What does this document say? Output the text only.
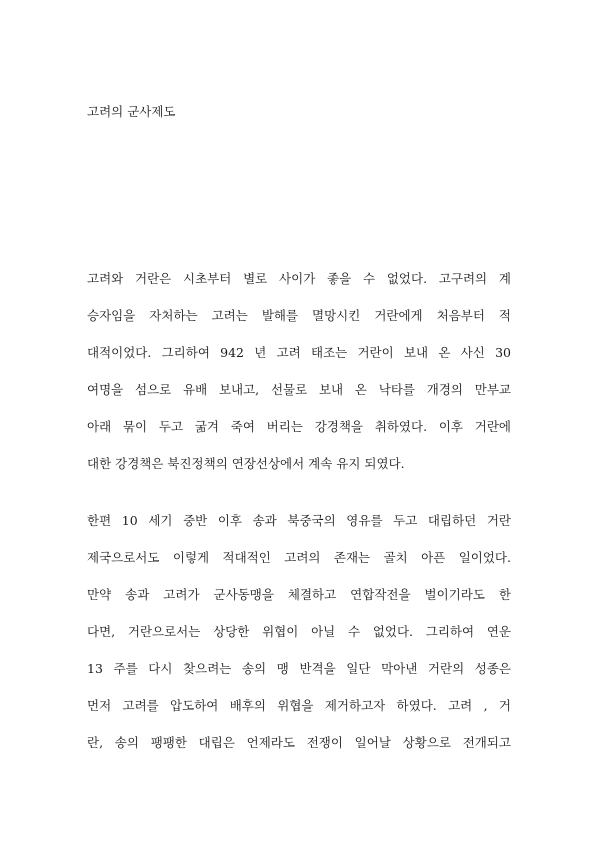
고려의 군사제도
고려와 거란은 시초부터 별로 사이가 좋을 수 없었다. 고구려의 계
승자임을 자처하는 고려는 발해를 멸망시킨 거란에게 처음부터 적
대적이었다. 그리하여 942 년 고려 태조는 거란이 보내 온 사신 30
여명을 섬으로 유배 보내고, 선물로 보내 온 낙타를 개경의 만부교
아래 묶이 두고 굶겨 죽여 버리는 강경책을 취하였다. 이후 거란에
대한 강경책은 북진정책의 연장선상에서 계속 유지 되였다.
한편 10 세기 중반 이후 송과 북중국의 영유를 두고 대립하던 거란
제국으로서도 이렇게 적대적인 고려의 존재는 골치 아픈 일이었다.
만약 송과 고려가 군사동맹을 체결하고 연합작전을 벌이기라도 한
다면, 거란으로서는 상당한 위협이 아닐 수 없었다. 그리하여 연운
13 주를 다시 찾으려는 송의 맹 반격을 일단 막아낸 거란의 성종은
먼저 고려를 압도하여 배후의 위협을 제거하고자 하였다. 고려 , 거
란, 송의 팽팽한 대립은 언제라도 전쟁이 일어날 상황으로 전개되고
